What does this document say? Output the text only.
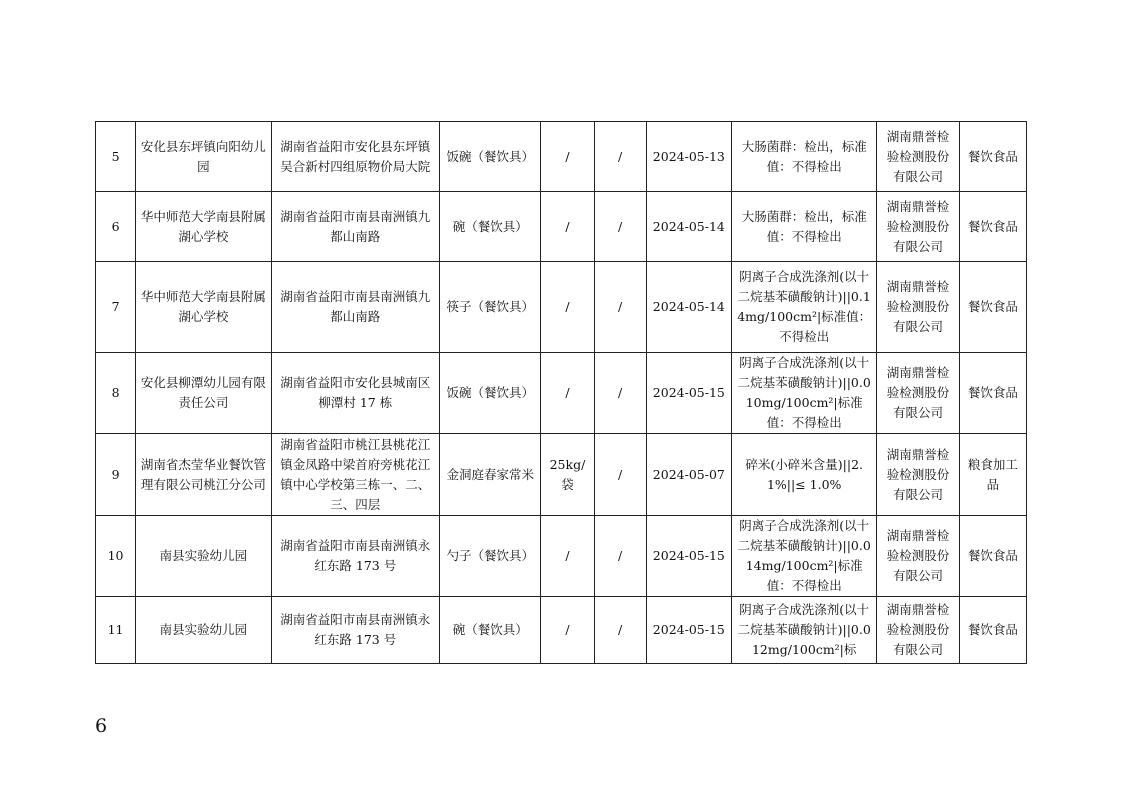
5	安化县东坪镇向阳幼儿园	湖南省益阳市安化县东坪镇吴合新村四组原物价局大院	饭碗（餐饮具）	/	/	2024-05-13	大肠菌群：检出，标准值：不得检出	湖南鼎誉检验检测股份有限公司	餐饮食品
6	华中师范大学南县附属湖心学校	湖南省益阳市南县南洲镇九都山南路	碗（餐饮具）	/	/	2024-05-14	大肠菌群：检出，标准值：不得检出	湖南鼎誉检验检测股份有限公司	餐饮食品
7	华中师范大学南县附属湖心学校	湖南省益阳市南县南洲镇九都山南路	筷子（餐饮具）	/	/	2024-05-14	阴离子合成洗涤剂(以十二烷基苯磺酸钠计)||0.14mg/100cm²|标准值：不得检出	湖南鼎誉检验检测股份有限公司	餐饮食品
8	安化县柳潭幼儿园有限责任公司	湖南省益阳市安化县城南区柳潭村 17 栋	饭碗（餐饮具）	/	/	2024-05-15	阴离子合成洗涤剂(以十二烷基苯磺酸钠计)||0.010mg/100cm²|标准值：不得检出	湖南鼎誉检验检测股份有限公司	餐饮食品
9	湖南省杰莹华业餐饮管理有限公司桃江分公司	湖南省益阳市桃江县桃花江镇金凤路中梁首府旁桃花江镇中心学校第三栋一、二、三、四层	金洞庭春家常米	25kg/袋	/	2024-05-07	碎米(小碎米含量)||2.1%||≤ 1.0%	湖南鼎誉检验检测股份有限公司	粮食加工品
10	南县实验幼儿园	湖南省益阳市南县南洲镇永红东路 173 号	勺子（餐饮具）	/	/	2024-05-15	阴离子合成洗涤剂(以十二烷基苯磺酸钠计)||0.014mg/100cm²|标准值：不得检出	湖南鼎誉检验检测股份有限公司	餐饮食品
11	南县实验幼儿园	湖南省益阳市南县南洲镇永红东路 173 号	碗（餐饮具）	/	/	2024-05-15	阴离子合成洗涤剂(以十二烷基苯磺酸钠计)||0.012mg/100cm²|标	湖南鼎誉检验检测股份有限公司	餐饮食品
6
